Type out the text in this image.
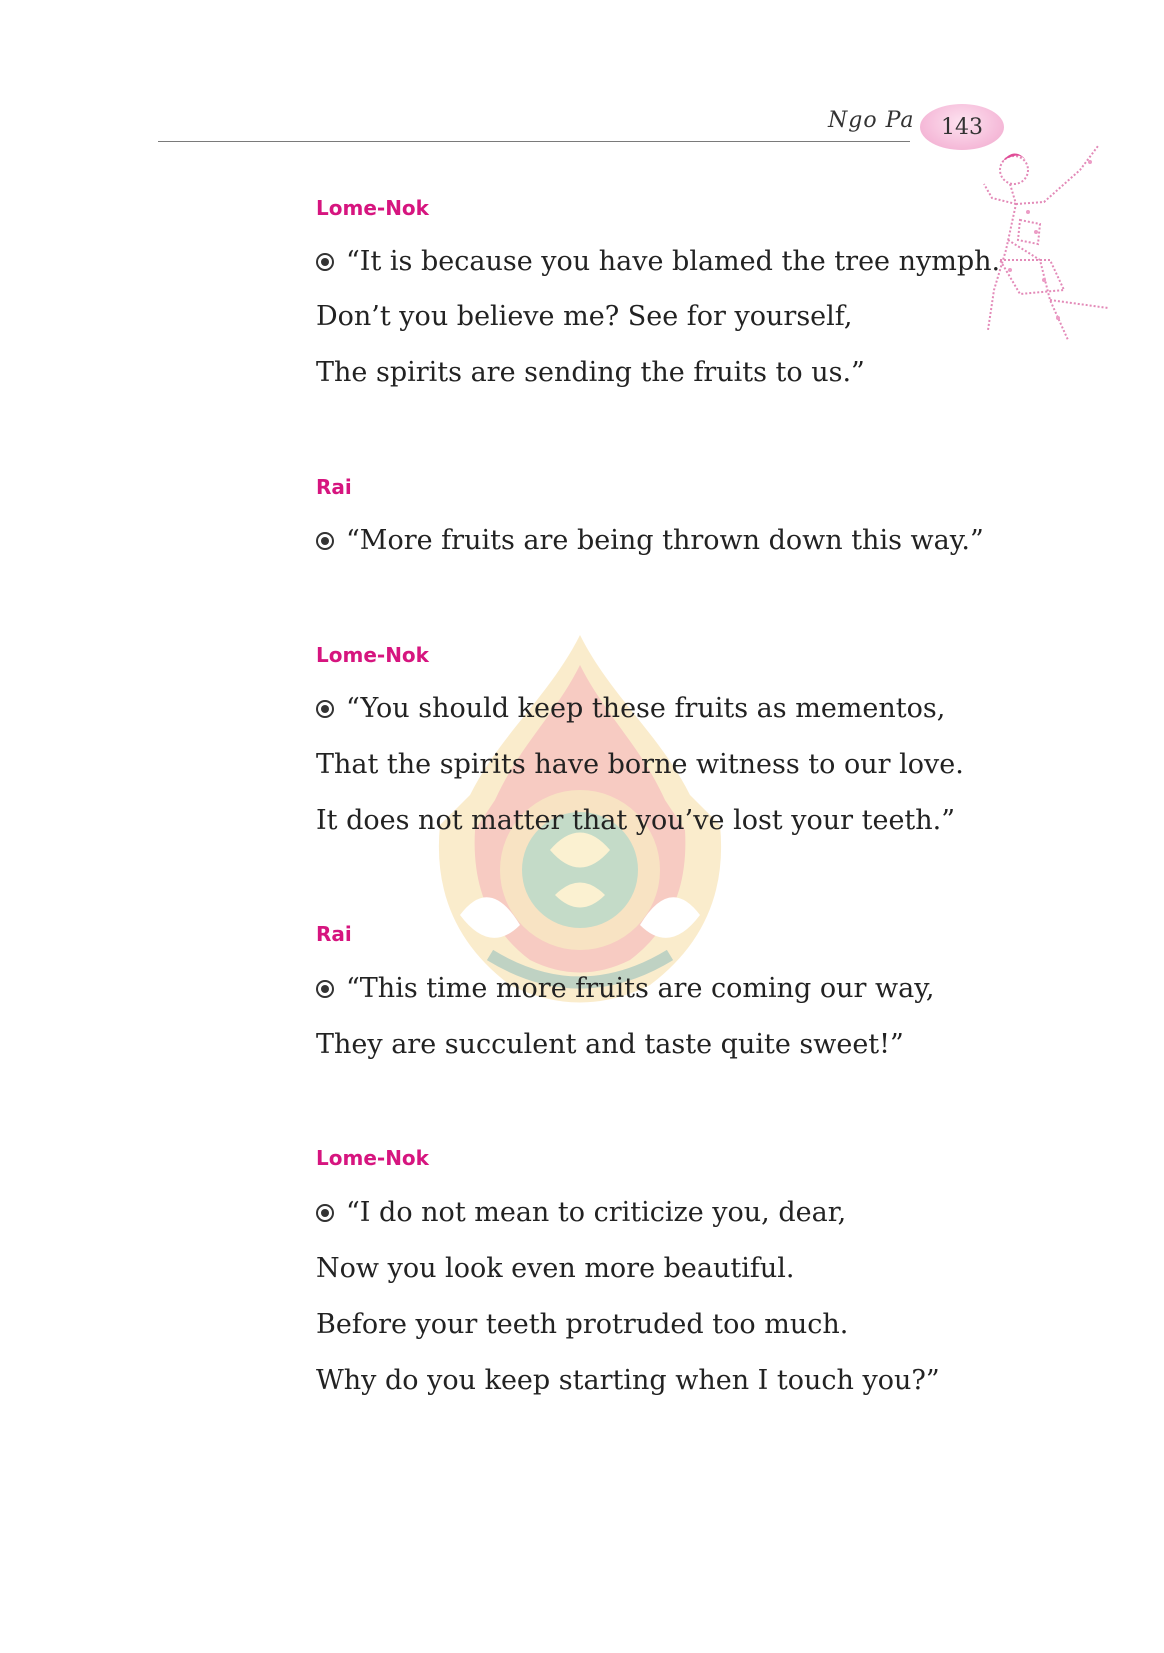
Ngo Pa 143
Lome-Nok
“It is because you have blamed the tree nymph.
Don’t you believe me? See for yourself,
The spirits are sending the fruits to us.”
Rai
“More fruits are being thrown down this way.”
Lome-Nok
“You should keep these fruits as mementos,
That the spirits have borne witness to our love.
It does not matter that you’ve lost your teeth.”
Rai
“This time more fruits are coming our way,
They are succulent and taste quite sweet!”
Lome-Nok
“I do not mean to criticize you, dear,
Now you look even more beautiful.
Before your teeth protruded too much.
Why do you keep starting when I touch you?”
